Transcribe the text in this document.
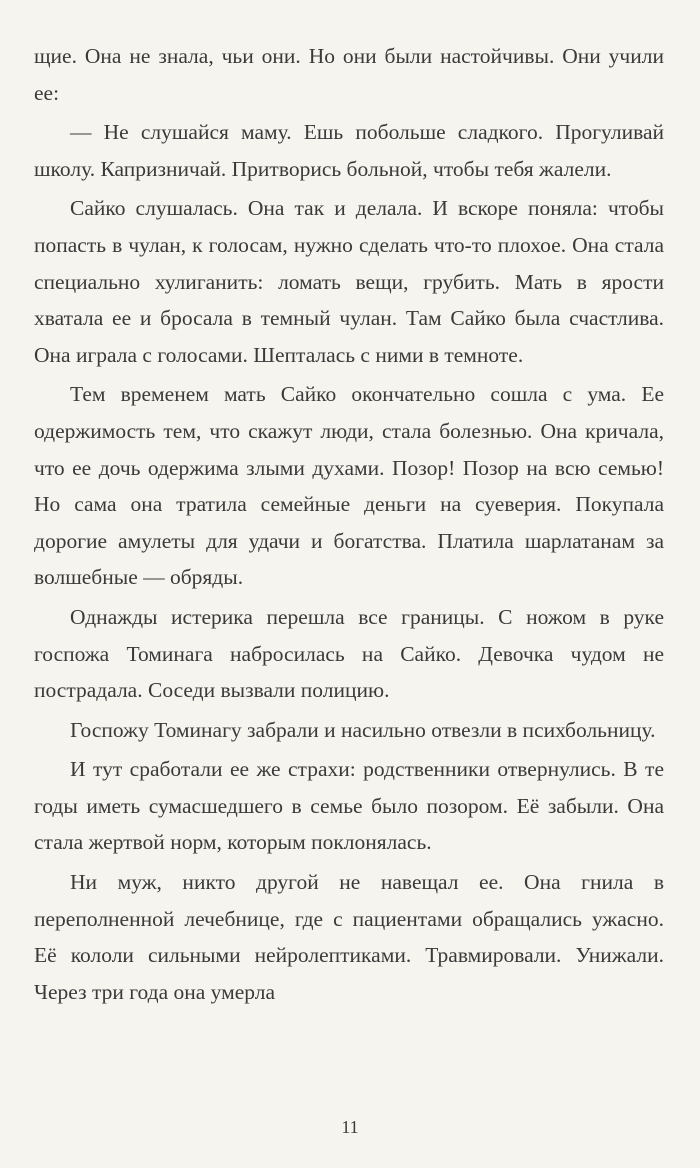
щие. Она не знала, чьи они. Но они были настойчивы. Они учили ее:

— Не слушайся маму. Ешь побольше сладкого. Прогуливай школу. Капризничай. Притворись больной, чтобы тебя жалели.

Сайко слушалась. Она так и делала. И вскоре поняла: чтобы попасть в чулан, к голосам, нужно сделать что-то плохое. Она стала специально хулиганить: ломать вещи, грубить. Мать в ярости хватала ее и бросала в темный чулан. Там Сайко была счастлива. Она играла с голосами. Шепталась с ними в темноте.

Тем временем мать Сайко окончательно сошла с ума. Ее одержимость тем, что скажут люди, стала болезнью. Она кричала, что ее дочь одержима злыми духами. Позор! Позор на всю семью! Но сама она тратила семейные деньги на суеверия. Покупала дорогие амулеты для удачи и богатства. Платила шарлатанам за волшебные — обряды.

Однажды истерика перешла все границы. С ножом в руке госпожа Томинага набросилась на Сайко. Девочка чудом не пострадала. Соседи вызвали полицию.

Госпожу Томинагу забрали и насильно отвезли в психбольницу.

И тут сработали ее же страхи: родственники отвернулись. В те годы иметь сумасшедшего в семье было позором. Её забыли. Она стала жертвой норм, которым поклонялась.

Ни муж, никто другой не навещал ее. Она гнила в переполненной лечебнице, где с пациентами обращались ужасно. Её кололи сильными нейролептиками. Травмировали. Унижали. Через три года она умерла

11
